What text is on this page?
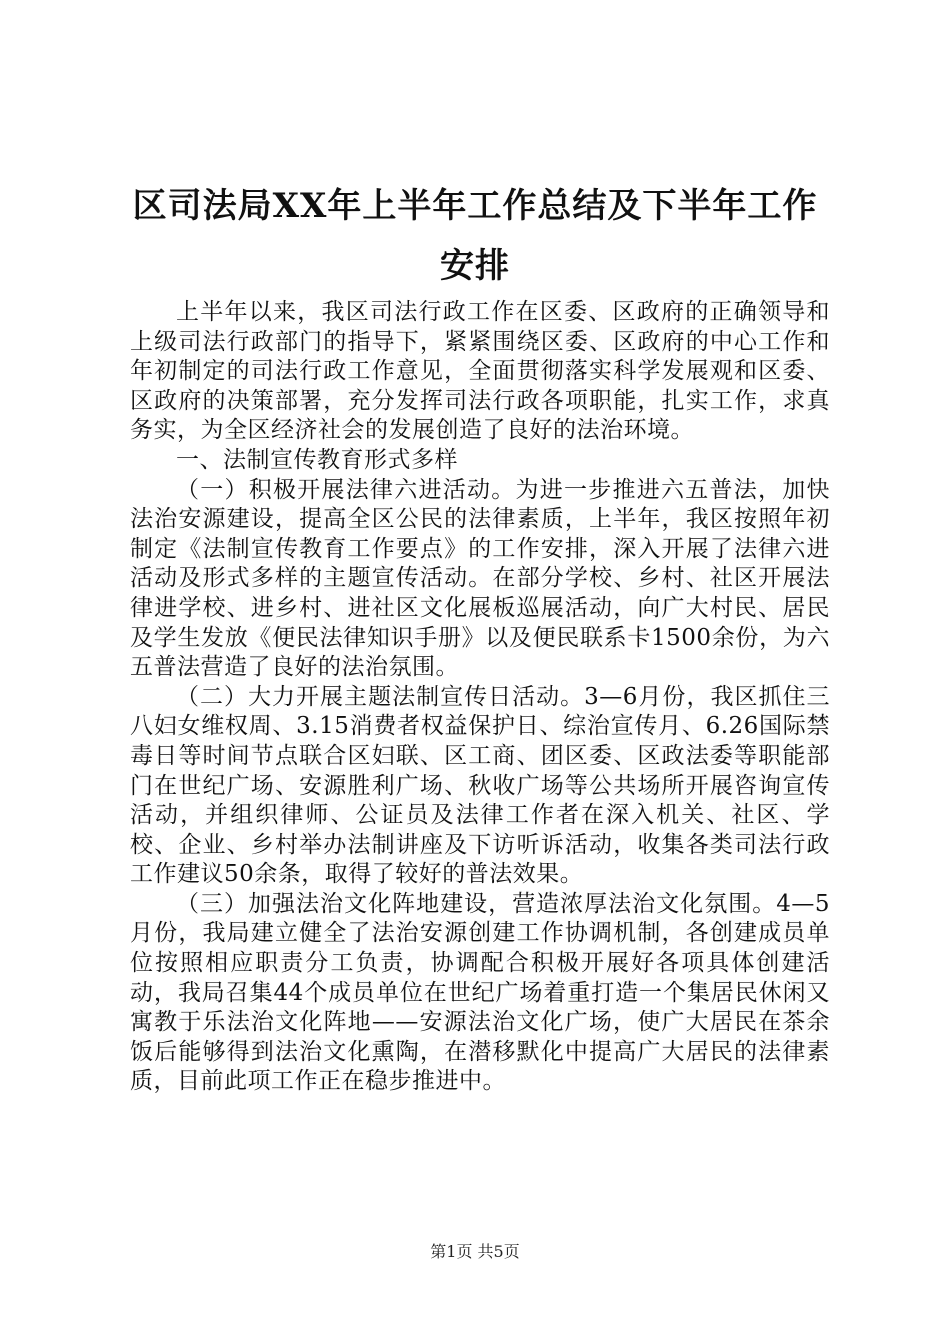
区司法局XX年上半年工作总结及下半年工作安排

上半年以来，我区司法行政工作在区委、区政府的正确领导和上级司法行政部门的指导下，紧紧围绕区委、区政府的中心工作和年初制定的司法行政工作意见，全面贯彻落实科学发展观和区委、区政府的决策部署，充分发挥司法行政各项职能，扎实工作，求真务实，为全区经济社会的发展创造了良好的法治环境。

一、法制宣传教育形式多样

（一）积极开展法律六进活动。为进一步推进六五普法，加快法治安源建设，提高全区公民的法律素质，上半年，我区按照年初制定《法制宣传教育工作要点》的工作安排，深入开展了法律六进活动及形式多样的主题宣传活动。在部分学校、乡村、社区开展法律进学校、进乡村、进社区文化展板巡展活动，向广大村民、居民及学生发放《便民法律知识手册》以及便民联系卡1500余份，为六五普法营造了良好的法治氛围。

（二）大力开展主题法制宣传日活动。3—6月份，我区抓住三八妇女维权周、3.15消费者权益保护日、综治宣传月、6.26国际禁毒日等时间节点联合区妇联、区工商、团区委、区政法委等职能部门在世纪广场、安源胜利广场、秋收广场等公共场所开展咨询宣传活动，并组织律师、公证员及法律工作者在深入机关、社区、学校、企业、乡村举办法制讲座及下访听诉活动，收集各类司法行政工作建议50余条，取得了较好的普法效果。

（三）加强法治文化阵地建设，营造浓厚法治文化氛围。4—5月份，我局建立健全了法治安源创建工作协调机制，各创建成员单位按照相应职责分工负责，协调配合积极开展好各项具体创建活动，我局召集44个成员单位在世纪广场着重打造一个集居民休闲又寓教于乐法治文化阵地——安源法治文化广场，使广大居民在茶余饭后能够得到法治文化熏陶，在潜移默化中提高广大居民的法律素质，目前此项工作正在稳步推进中。

第1页 共5页
